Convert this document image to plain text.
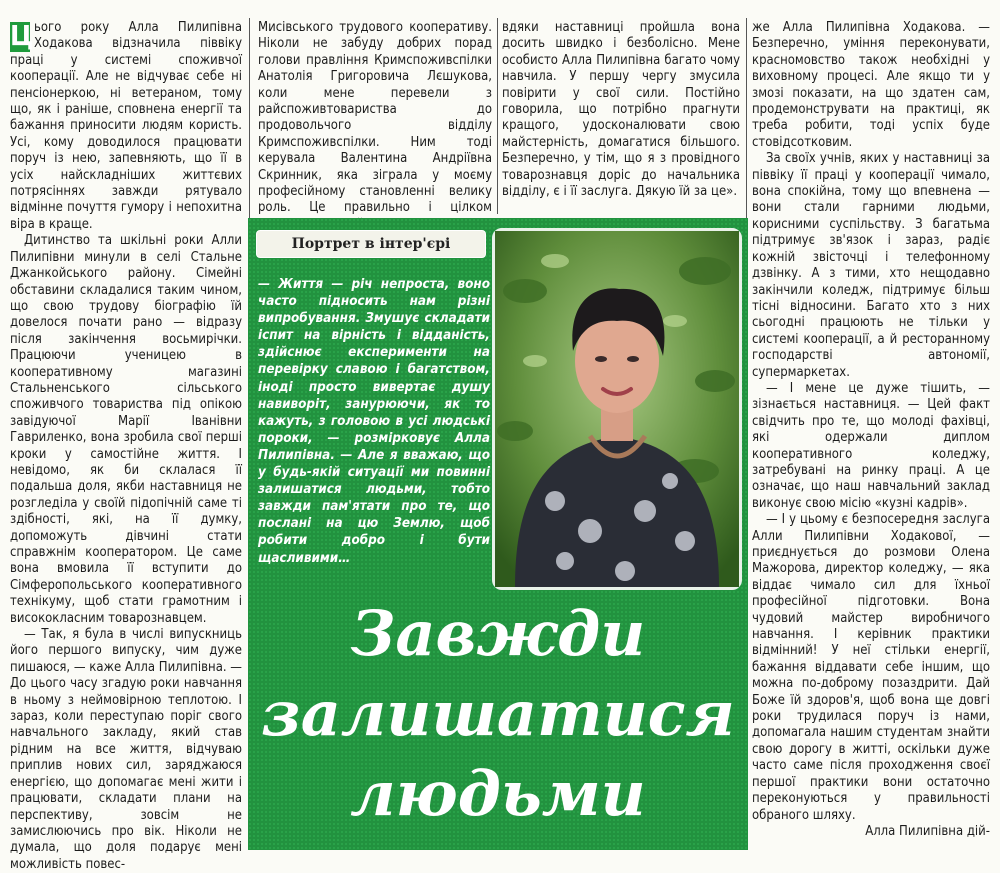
Ц ього року Алла Пилипівна Ходакова відзначила піввіку праці у системі споживчої кооперації. Але не відчуває себе ні пенсіонеркою, ні ветераном, тому що, як і раніше, сповнена енергії та бажання приносити людям користь. Усі, кому доводилося працювати поруч із нею, запевняють, що її в усіх найскладніших життєвих потрясіннях завжди рятувало відмінне почуття гумору і непохитна віра в краще.

Дитинство та шкільні роки Алли Пилипівни минули в селі Стальне Джанкойського району. Сімейні обставини складалися таким чином, що свою трудову біографію їй довелося почати рано — відразу після закінчення восьмирічки. Працюючи ученицею в кооперативному магазині Стальненського сільського споживчого товариства під опікою завідуючої Марії Іванівни Гавриленко, вона зробила свої перші кроки у самостійне життя. І невідомо, як би склалася її подальша доля, якби наставниця не розгледіла у своїй підопічній саме ті здібності, які, на її думку, допоможуть дівчині стати справжнім кооператором. Це саме вона вмовила її вступити до Сімферопольського кооперативного технікуму, щоб стати грамотним і висококласним товарознавцем.

— Так, я була в числі випускниць його першого випуску, чим дуже пишаюся, — каже Алла Пилипівна. — До цього часу згадую роки навчання в ньому з неймовірною теплотою. І зараз, коли переступаю поріг свого навчального закладу, який став рідним на все життя, відчуваю приплив нових сил, заряджаюся енергією, що допомагає мені жити і працювати, складати плани на перспективу, зовсім не замислюючись про вік. Ніколи не думала, що доля подарує мені можливість повес-

Мисівського трудового кооперативу. Ніколи не забуду добрих порад голови правління Кримспоживспілки Анатолія Григоровича Лєшукова, коли мене перевели з райспоживтовариства до продовольчого відділу Кримспоживспілки. Ним тоді керувала Валентина Андріївна Скринник, яка зіграла у моєму професійному становленні велику роль. Це правильно і цілком

вдяки наставниці пройшла вона досить швидко і безболісно. Мене особисто Алла Пилипівна багато чому навчила. У першу чергу змусила повірити у свої сили. Постійно говорила, що потрібно прагнути кращого, удосконалювати свою майстерність, домагатися більшого. Безперечно, у тім, що я з провідного товарознавця доріс до начальника відділу, є і її заслуга. Дякую їй за це».

же Алла Пилипівна Ходакова. — Безперечно, уміння переконувати, красномовство також необхідні у виховному процесі. Але якщо ти у змозі показати, на що здатен сам, продемонструвати на практиці, як треба робити, тоді успіх буде стовідсотковим.

За своїх учнів, яких у наставниці за піввіку її праці у кооперації чимало, вона спокійна, тому що впевнена — вони стали гарними людьми, корисними суспільству. З багатьма підтримує зв'язок і зараз, радіє кожній звісточці і телефонному дзвінку. А з тими, хто нещодавно закінчили коледж, підтримує більш тісні відносини. Багато хто з них сьогодні працюють не тільки у системі кооперації, а й ресторанному господарстві автономії, супермаркетах.

— І мене це дуже тішить, — зізнається наставниця. — Цей факт свідчить про те, що молоді фахівці, які одержали диплом кооперативного коледжу, затребувані на ринку праці. А це означає, що наш навчальний заклад виконує свою місію «кузні кадрів».

— І у цьому є безпосередня заслуга Алли Пилипівни Ходакової, — приєднується до розмови Олена Мажорова, директор коледжу, — яка віддає чимало сил для їхньої професійної підготовки. Вона чудовий майстер виробничого навчання. І керівник практики відмінний! У неї стільки енергії, бажання віддавати себе іншим, що можна по-доброму позаздрити. Дай Боже їй здоров'я, щоб вона ще довгі роки трудилася поруч із нами, допомагала нашим студентам знайти свою дорогу в житті, оскільки дуже часто саме після проходження своєї першої практики вони остаточно переконуються у правильності обраного шляху.

Алла Пилипівна дій-

Портрет в інтер'єрі
— Життя — річ непроста, воно часто підносить нам різні випробування. Змушує складати іспит на вірність і відданість, здійснює експерименти на перевірку славою і багатством, іноді просто вивертає душу навиворіт, занурюючи, як то кажуть, з головою в усі людські пороки, — розмірковує Алла Пилипівна. — Але я вважаю, що у будь-якій ситуації ми повинні залишатися людьми, тобто завжди пам'ятати про те, що послані на цю Землю, щоб робити добро і бути щасливими…
Завжди
залишатися
людьми
